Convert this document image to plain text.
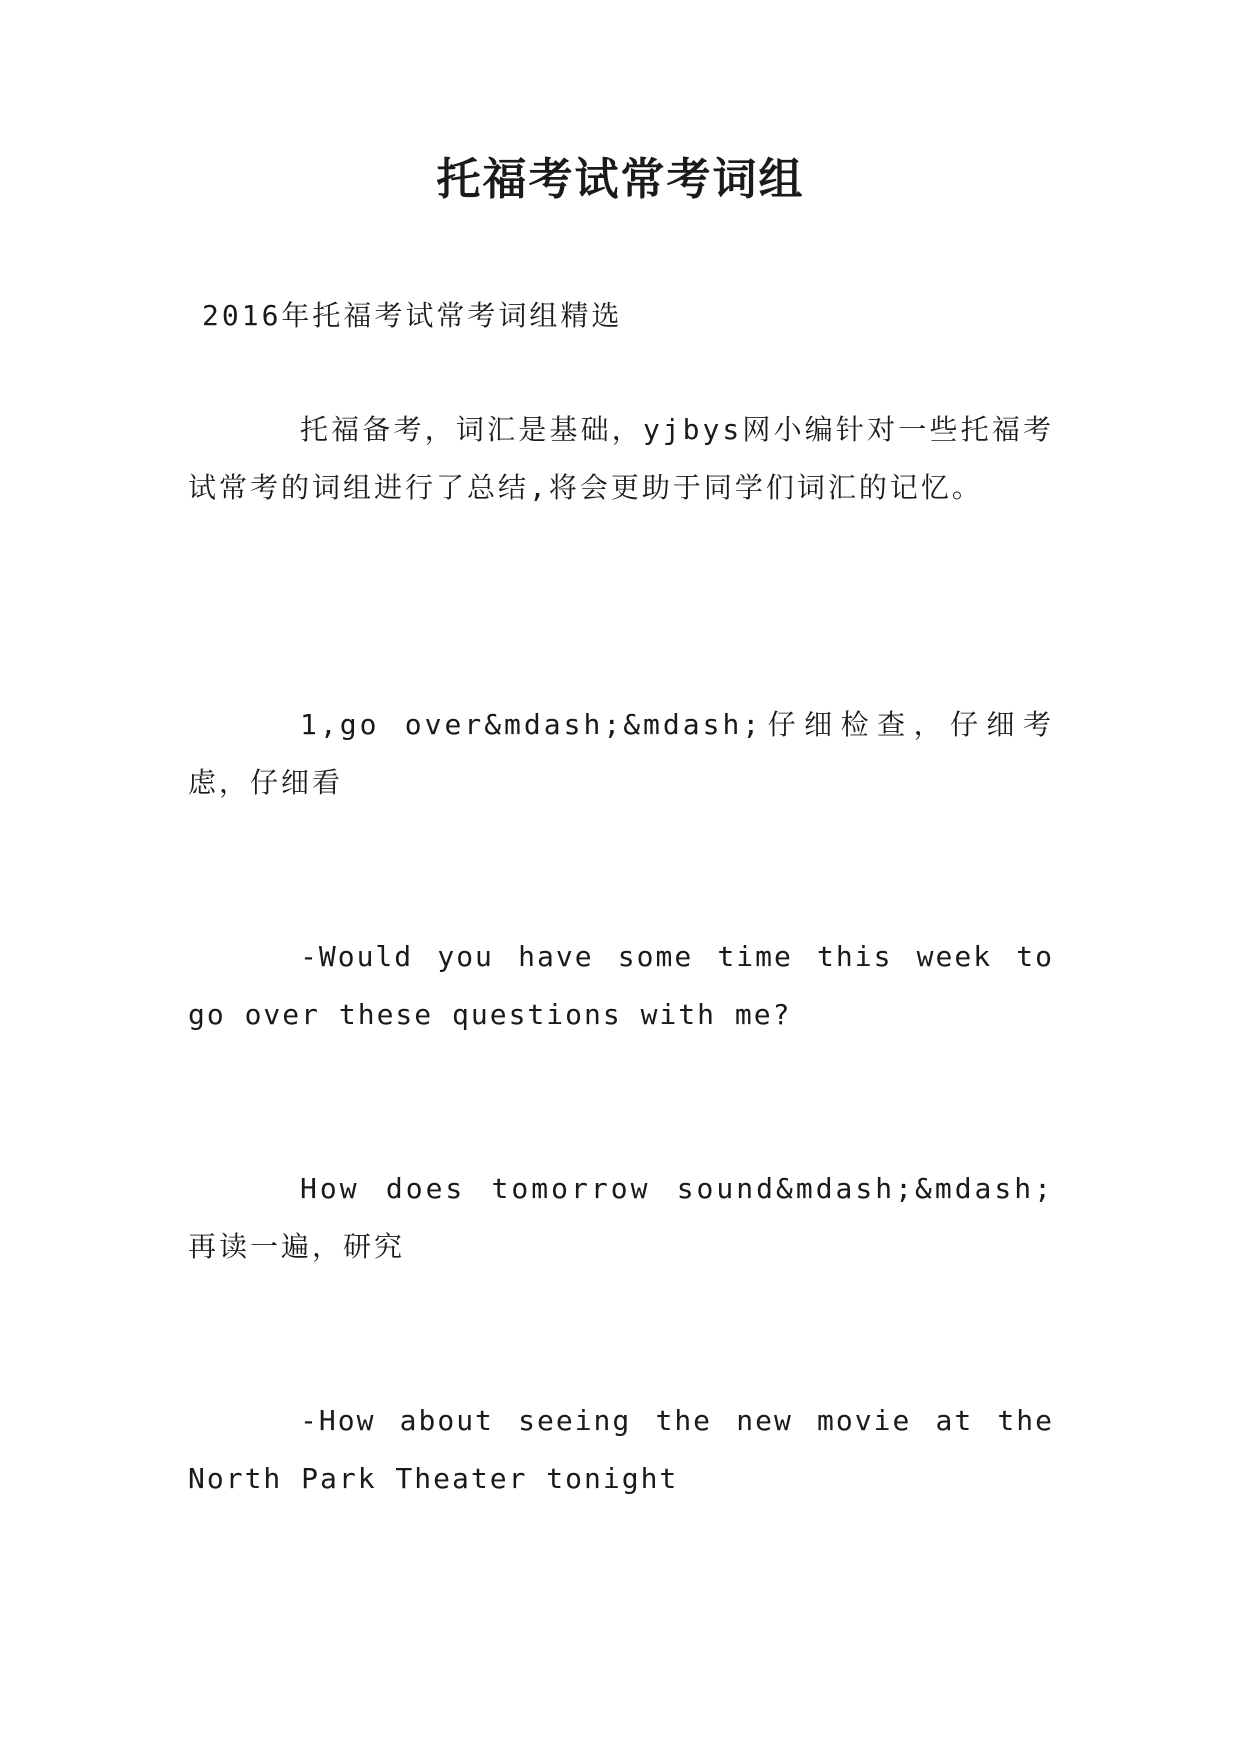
托福考试常考词组
2016年托福考试常考词组精选
托福备考，词汇是基础，yjbys网小编针对一些托福考试常考的词组进行了总结,将会更助于同学们词汇的记忆。
1,go over&mdash;&mdash;仔细检查，仔细考虑，仔细看
-Would you have some time this week to go over these questions with me?
How does tomorrow sound&mdash;&mdash;再读一遍，研究
-How about seeing the new movie at the North Park Theater tonight
